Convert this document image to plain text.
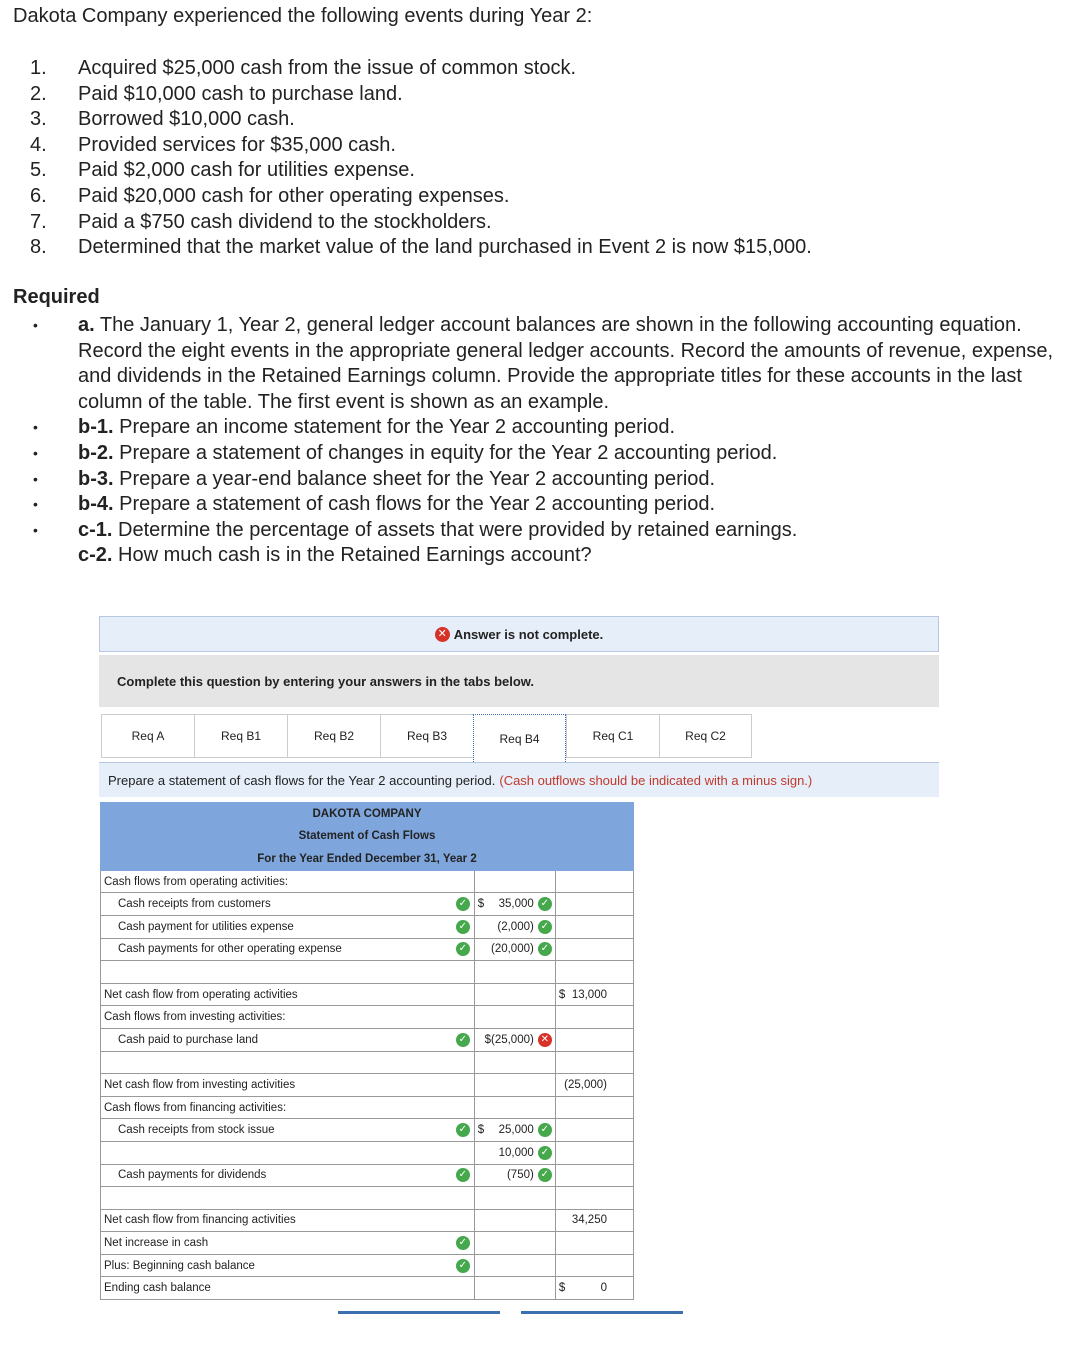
Dakota Company experienced the following events during Year 2:
1.	Acquired $25,000 cash from the issue of common stock.
2.	Paid $10,000 cash to purchase land.
3.	Borrowed $10,000 cash.
4.	Provided services for $35,000 cash.
5.	Paid $2,000 cash for utilities expense.
6.	Paid $20,000 cash for other operating expenses.
7.	Paid a $750 cash dividend to the stockholders.
8.	Determined that the market value of the land purchased in Event 2 is now $15,000.
Required
• a. The January 1, Year 2, general ledger account balances are shown in the following accounting equation. Record the eight events in the appropriate general ledger accounts. Record the amounts of revenue, expense, and dividends in the Retained Earnings column. Provide the appropriate titles for these accounts in the last column of the table. The first event is shown as an example.
• b-1. Prepare an income statement for the Year 2 accounting period.
• b-2. Prepare a statement of changes in equity for the Year 2 accounting period.
• b-3. Prepare a year-end balance sheet for the Year 2 accounting period.
• b-4. Prepare a statement of cash flows for the Year 2 accounting period.
• c-1. Determine the percentage of assets that were provided by retained earnings.
c-2. How much cash is in the Retained Earnings account?
✕ Answer is not complete.
Complete this question by entering your answers in the tabs below.
Req A	Req B1	Req B2	Req B3	Req B4	Req C1	Req C2
Prepare a statement of cash flows for the Year 2 accounting period. (Cash outflows should be indicated with a minus sign.)
DAKOTA COMPANY		
Statement of Cash Flows		
For the Year Ended December 31, Year 2		
Cash flows from operating activities:		
Cash receipts from customers	✓ $ 35,000 ✓	

Cash payment for utilities expense	✓ (2,000) ✓	

Cash payments for other operating expense	✓ (20,000) ✓	

Net cash flow from operating activities		$ 13,000

Cash flows from investing activities:		
Cash paid to purchase land	✓ $(25,000) ✕	

Net cash flow from investing activities		(25,000)

Cash flows from financing activities:		
Cash receipts from stock issue	✓ $ 25,000 ✓	

	10,000 ✓	

Cash payments for dividends	✓ (750) ✓	

Net cash flow from financing activities		34,250

Net increase in cash	✓	

Plus: Beginning cash balance	✓	

Ending cash balance		$ 0
